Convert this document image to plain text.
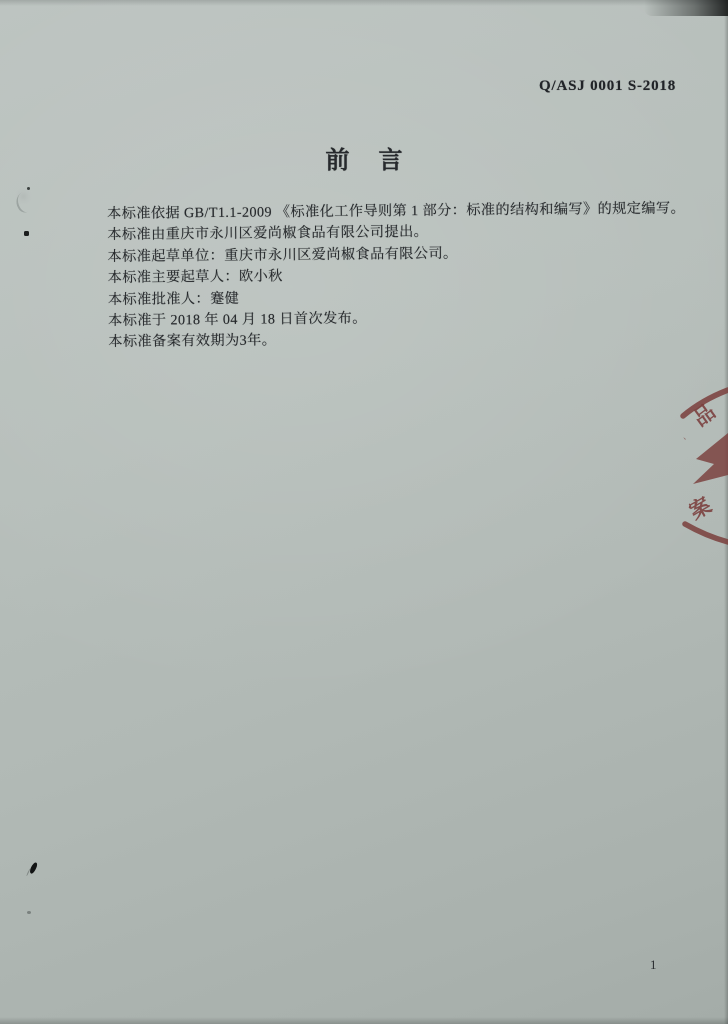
Q/ASJ 0001 S-2018
前言

本标准依据 GB/T1.1-2009 《标准化工作导则第 1 部分：标准的结构和编写》的规定编写。

本标准由重庆市永川区爱尚椒食品有限公司提出。

本标准起草单位：重庆市永川区爱尚椒食品有限公司。

本标准主要起草人：欧小秋

本标准批准人：蹇健

本标准于 2018 年 04 月 18 日首次发布。

本标准备案有效期为3年。

品
、
案
1
